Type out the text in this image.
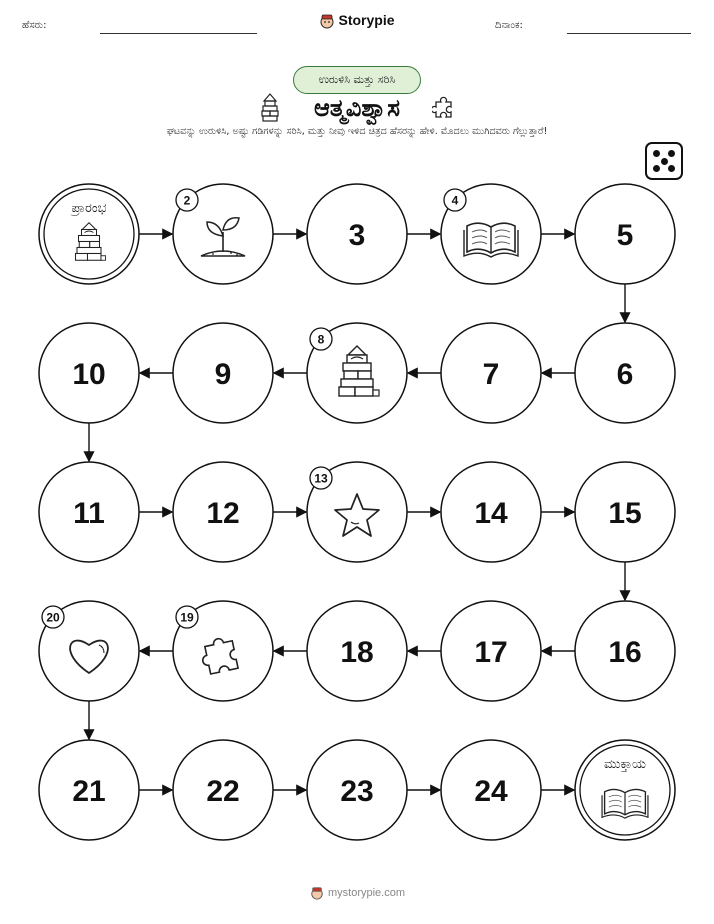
ಹೆಸರು:	Storypie	ದಿನಾಂಕ:
ಉರುಳಿಸಿ ಮತ್ತು ಸರಿಸಿ
ಆತ್ಮವಿಶ್ವಾಸ
ಘಟವನ್ನು ಉರುಳಿಸಿ, ಅಷ್ಟು ಗಡಿಗಳನ್ನು ಸರಿಸಿ, ಮತ್ತು ನೀವು ಇಳಿದ ಚಿತ್ರದ ಹೆಸರನ್ನು ಹೇಳಿ. ಮೊದಲು ಮುಗಿದವರು ಗೆಲ್ಲುತ್ತಾರೆ!
ಪ್ರಾರಂಭ
2
3
4
5
6
7
8
9
10
11	12
13
14	15
16
17
18
19
20
21	22	23	24
ಮುಕ್ತಾಯ
mystorypie.com
